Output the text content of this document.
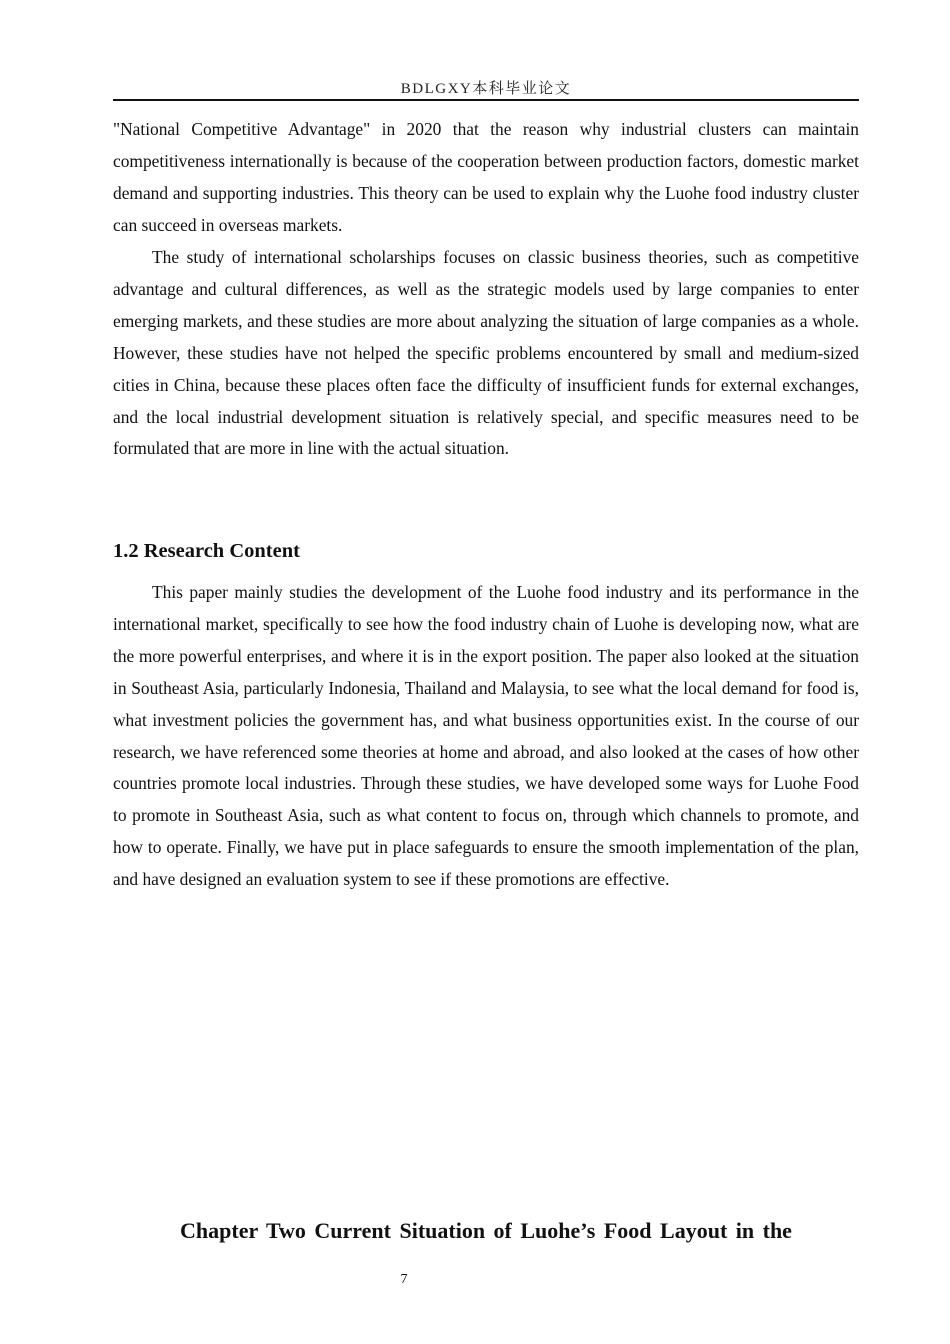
BDLGXY本科毕业论文

"National Competitive Advantage" in 2020 that the reason why industrial clusters can maintain competitiveness internationally is because of the cooperation between production factors, domestic market demand and supporting industries. This theory can be used to explain why the Luohe food industry cluster can succeed in overseas markets.

The study of international scholarships focuses on classic business theories, such as competitive advantage and cultural differences, as well as the strategic models used by large companies to enter emerging markets, and these studies are more about analyzing the situation of large companies as a whole. However, these studies have not helped the specific problems encountered by small and medium-sized cities in China, because these places often face the difficulty of insufficient funds for external exchanges, and the local industrial development situation is relatively special, and specific measures need to be formulated that are more in line with the actual situation.

1.2 Research Content

This paper mainly studies the development of the Luohe food industry and its performance in the international market, specifically to see how the food industry chain of Luohe is developing now, what are the more powerful enterprises, and where it is in the export position. The paper also looked at the situation in Southeast Asia, particularly Indonesia, Thailand and Malaysia, to see what the local demand for food is, what investment policies the government has, and what business opportunities exist. In the course of our research, we have referenced some theories at home and abroad, and also looked at the cases of how other countries promote local industries. Through these studies, we have developed some ways for Luohe Food to promote in Southeast Asia, such as what content to focus on, through which channels to promote, and how to operate. Finally, we have put in place safeguards to ensure the smooth implementation of the plan, and have designed an evaluation system to see if these promotions are effective.

Chapter Two Current Situation of Luohe’s Food Layout in the
7
